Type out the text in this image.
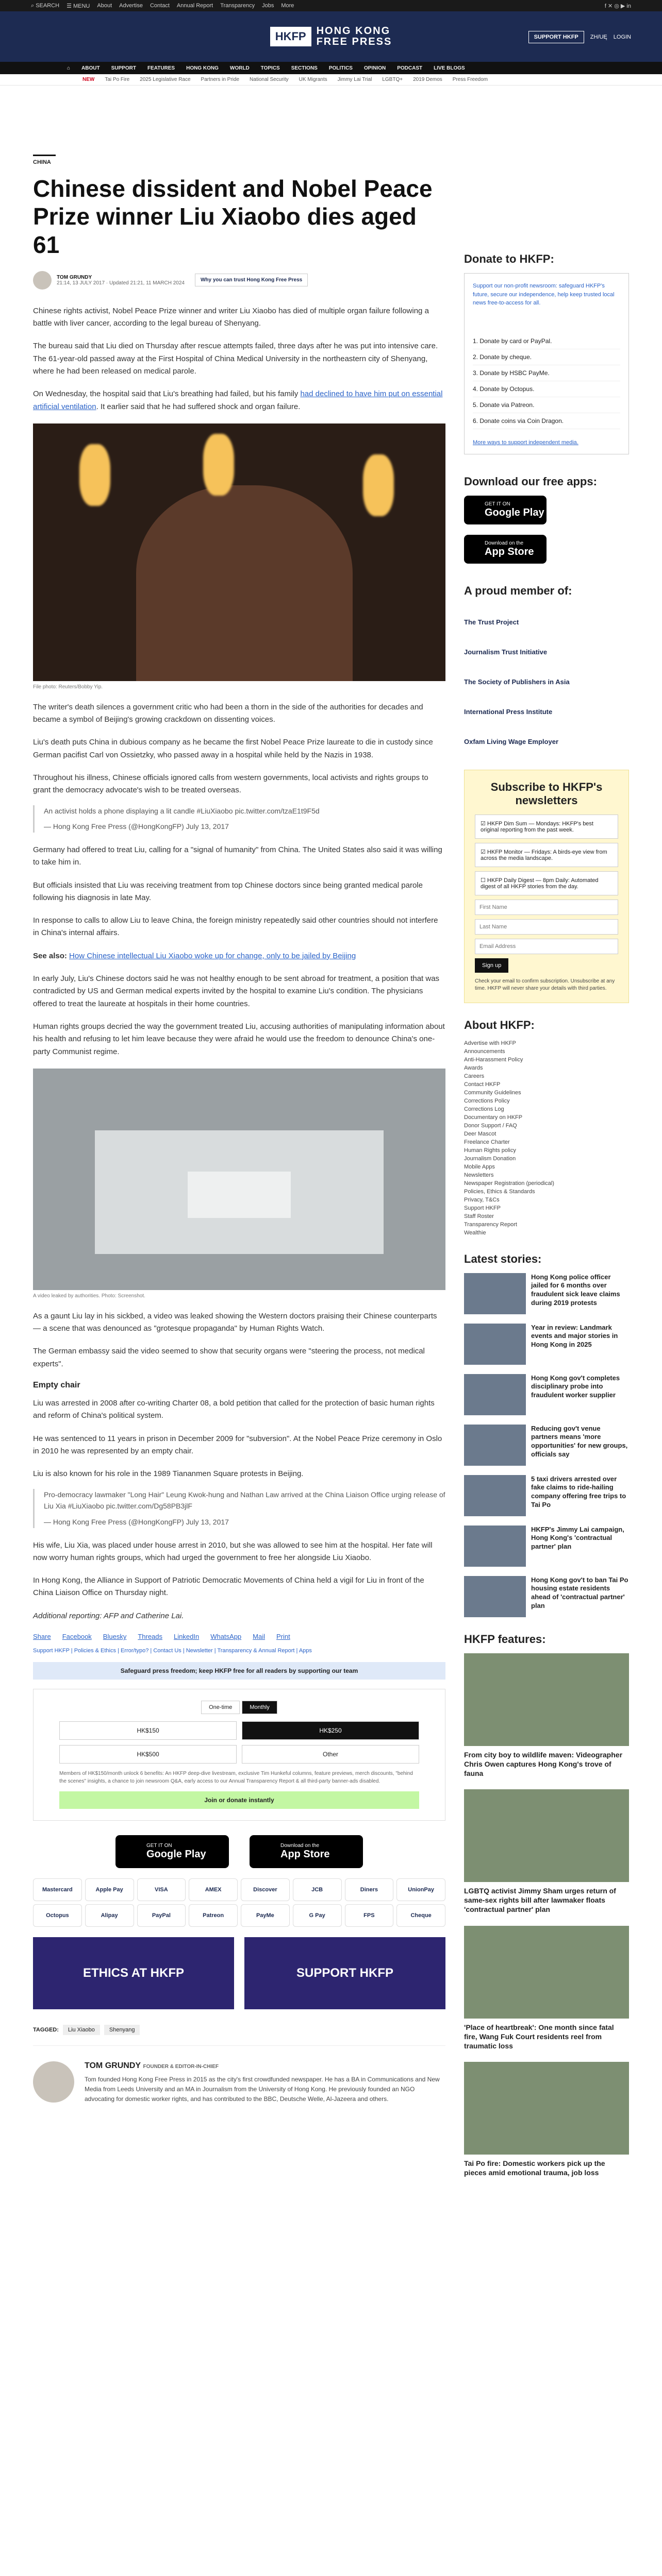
⌕ SEARCH ☰ MENU About Advertise Contact Annual Report Transparency Jobs More	f ✕ ◎ ▶ in
HKFP	HONG KONG
FREE PRESS	SUPPORT HKFP	ZH/UĘ LOGIN
⌂ ABOUT SUPPORT FEATURES HONG KONG WORLD TOPICS SECTIONS POLITICS OPINION PODCAST LIVE BLOGS
NEW Tai Po Fire 2025 Legislative Race Partners in Pride National Security UK Migrants Jimmy Lai Trial LGBTQ+ 2019 Demos Press Freedom
CHINA
Chinese dissident and Nobel Peace Prize winner Liu Xiaobo dies aged 61
TOM GRUNDY
21:14, 13 JULY 2017 · Updated 21:21, 11 MARCH 2024	Why you can trust Hong Kong Free Press

Chinese rights activist, Nobel Peace Prize winner and writer Liu Xiaobo has died of multiple organ failure following a battle with liver cancer, according to the legal bureau of Shenyang.

The bureau said that Liu died on Thursday after rescue attempts failed, three days after he was put into intensive care. The 61-year-old passed away at the First Hospital of China Medical University in the northeastern city of Shenyang, where he had been released on medical parole.

On Wednesday, the hospital said that Liu's breathing had failed, but his family had declined to have him put on essential artificial ventilation. It earlier said that he had suffered shock and organ failure.

File photo: Reuters/Bobby Yip.

The writer's death silences a government critic who had been a thorn in the side of the authorities for decades and became a symbol of Beijing's growing crackdown on dissenting voices.

Liu's death puts China in dubious company as he became the first Nobel Peace Prize laureate to die in custody since German pacifist Carl von Ossietzky, who passed away in a hospital while held by the Nazis in 1938.

Throughout his illness, Chinese officials ignored calls from western governments, local activists and rights groups to grant the democracy advocate's wish to be treated overseas.

An activist holds a phone displaying a lit candle #LiuXiaobo pic.twitter.com/tzaE1t9F5d

— Hong Kong Free Press (@HongKongFP) July 13, 2017

Germany had offered to treat Liu, calling for a "signal of humanity" from China. The United States also said it was willing to take him in.

But officials insisted that Liu was receiving treatment from top Chinese doctors since being granted medical parole following his diagnosis in late May.

In response to calls to allow Liu to leave China, the foreign ministry repeatedly said other countries should not interfere in China's internal affairs.

See also: How Chinese intellectual Liu Xiaobo woke up for change, only to be jailed by Beijing

In early July, Liu's Chinese doctors said he was not healthy enough to be sent abroad for treatment, a position that was contradicted by US and German medical experts invited by the hospital to examine Liu's condition. The physicians offered to treat the laureate at hospitals in their home countries.

Human rights groups decried the way the government treated Liu, accusing authorities of manipulating information about his health and refusing to let him leave because they were afraid he would use the freedom to denounce China's one-party Communist regime.

A video leaked by authorities. Photo: Screenshot.

As a gaunt Liu lay in his sickbed, a video was leaked showing the Western doctors praising their Chinese counterparts — a scene that was denounced as "grotesque propaganda" by Human Rights Watch.

The German embassy said the video seemed to show that security organs were "steering the process, not medical experts".

Empty chair

Liu was arrested in 2008 after co-writing Charter 08, a bold petition that called for the protection of basic human rights and reform of China's political system.

He was sentenced to 11 years in prison in December 2009 for "subversion". At the Nobel Peace Prize ceremony in Oslo in 2010 he was represented by an empty chair.

Liu is also known for his role in the 1989 Tiananmen Square protests in Beijing.

Pro-democracy lawmaker "Long Hair" Leung Kwok-hung and Nathan Law arrived at the China Liaison Office urging release of Liu Xia #LiuXiaobo pic.twitter.com/Dg58PB3jlF

— Hong Kong Free Press (@HongKongFP) July 13, 2017

His wife, Liu Xia, was placed under house arrest in 2010, but she was allowed to see him at the hospital. Her fate will now worry human rights groups, which had urged the government to free her alongside Liu Xiaobo.

In Hong Kong, the Alliance in Support of Patriotic Democratic Movements of China held a vigil for Liu in front of the China Liaison Office on Thursday night.

Additional reporting: AFP and Catherine Lai.

Share Facebook Bluesky Threads LinkedIn WhatsApp Mail Print
Support HKFP | Policies & Ethics | Error/typo? | Contact Us | Newsletter | Transparency & Annual Report | Apps
Safeguard press freedom; keep HKFP free for all readers by supporting our team
One-time	Monthly
HK$150	HK$250
HK$500	Other
Members of HK$150/month unlock 6 benefits: An HKFP deep-dive livestream, exclusive Tim Hunkeful columns, feature previews, merch discounts, "behind the scenes" insights, a chance to join newsroom Q&A, early access to our Annual Transparency Report & all third-party banner-ads disabled.
Join or donate instantly
GET IT ON
Google Play
Download on the
App Store
Mastercard	Apple Pay	VISA	AMEX	Discover	JCB	Diners	UnionPay
Octopus	Alipay	PayPal	Patreon	PayMe	G Pay	FPS	Cheque
ETHICS AT HKFP	SUPPORT HKFP
TAGGED:	Liu Xiaobo	Shenyang
TOM GRUNDY FOUNDER & EDITOR-IN-CHIEF

Tom founded Hong Kong Free Press in 2015 as the city's first crowdfunded newspaper. He has a BA in Communications and New Media from Leeds University and an MA in Journalism from the University of Hong Kong. He previously founded an NGO advocating for domestic worker rights, and has contributed to the BBC, Deutsche Welle, Al-Jazeera and others.

Donate to HKFP:

Support our non-profit newsroom: safeguard HKFP's future, secure our independence, help keep trusted local news free-to-access for all.

1. Donate by card or PayPal.
2. Donate by cheque.
3. Donate by HSBC PayMe.
4. Donate by Octopus.
5. Donate via Patreon.
6. Donate coins via Coin Dragon.

More ways to support independent media.

Download our free apps:
GET IT ON
Google Play
Download on the
App Store
A proud member of:
The Trust Project
Journalism Trust Initiative
The Society of Publishers in Asia
International Press Institute
Oxfam Living Wage Employer
Subscribe to HKFP's newsletters
☑ HKFP Dim Sum — Mondays: HKFP's best original reporting from the past week.
☑ HKFP Monitor — Fridays: A birds-eye view from across the media landscape.
☐ HKFP Daily Digest — 8pm Daily: Automated digest of all HKFP stories from the day.
First Name
Last Name
Email Address Sign up

Check your email to confirm subscription. Unsubscribe at any time. HKFP will never share your details with third parties.

About HKFP:
Advertise with HKFP
Announcements
Anti-Harassment Policy
Awards
Careers
Contact HKFP
Community Guidelines
Corrections Policy
Corrections Log
Documentary on HKFP
Donor Support / FAQ
Deer Mascot
Freelance Charter
Human Rights policy
Journalism Donation
Mobile Apps
Newsletters
Newspaper Registration (periodical)
Policies, Ethics & Standards
Privacy, T&Cs
Support HKFP
Staff Roster
Transparency Report
Wealthie
Latest stories:

Hong Kong police officer jailed for 6 months over fraudulent sick leave claims during 2019 protests

Year in review: Landmark events and major stories in Hong Kong in 2025

Hong Kong gov't completes disciplinary probe into fraudulent worker supplier

Reducing gov't venue partners means 'more opportunities' for new groups, officials say

5 taxi drivers arrested over fake claims to ride-hailing company offering free trips to Tai Po

HKFP's Jimmy Lai campaign, Hong Kong's 'contractual partner' plan

Hong Kong gov't to ban Tai Po housing estate residents ahead of 'contractual partner' plan

HKFP features:

From city boy to wildlife maven: Videographer Chris Owen captures Hong Kong's trove of fauna

LGBTQ activist Jimmy Sham urges return of same-sex rights bill after lawmaker floats 'contractual partner' plan

'Place of heartbreak': One month since fatal fire, Wang Fuk Court residents reel from traumatic loss

Tai Po fire: Domestic workers pick up the pieces amid emotional trauma, job loss
